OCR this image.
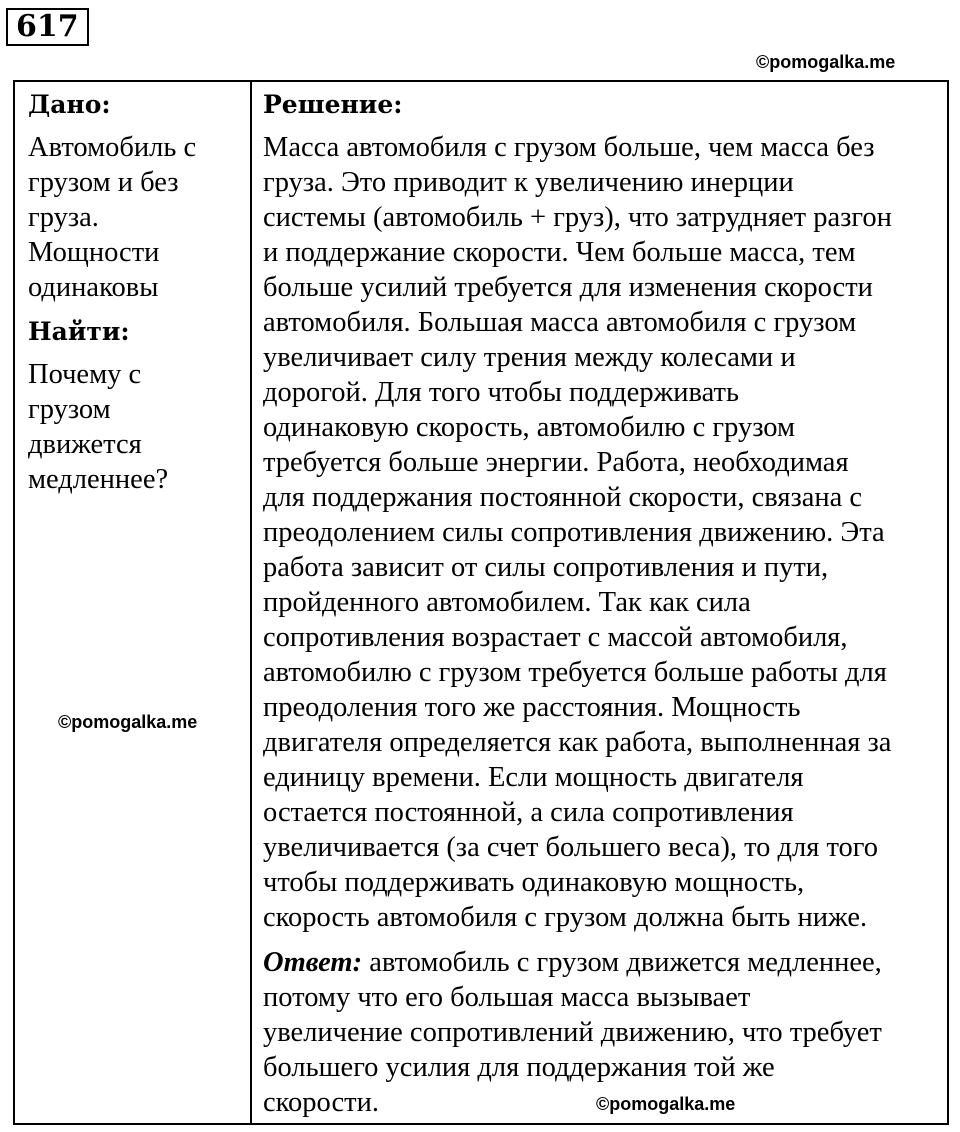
617
©pomogalka.me
Дано:
Автомобиль с
грузом и без
груза.
Мощности
одинаковы
Найти:
Почему с
грузом
движется
медленнее?
Решение:
Масса автомобиля с грузом больше, чем масса без
груза. Это приводит к увеличению инерции
системы (автомобиль + груз), что затрудняет разгон
и поддержание скорости. Чем больше масса, тем
больше усилий требуется для изменения скорости
автомобиля. Большая масса автомобиля с грузом
увеличивает силу трения между колесами и
дорогой. Для того чтобы поддерживать
одинаковую скорость, автомобилю с грузом
требуется больше энергии. Работа, необходимая
для поддержания постоянной скорости, связана с
преодолением силы сопротивления движению. Эта
работа зависит от силы сопротивления и пути,
пройденного автомобилем. Так как сила
сопротивления возрастает с массой автомобиля,
автомобилю с грузом требуется больше работы для
преодоления того же расстояния. Мощность
двигателя определяется как работа, выполненная за
единицу времени. Если мощность двигателя
остается постоянной, а сила сопротивления
увеличивается (за счет большего веса), то для того
чтобы поддерживать одинаковую мощность,
скорость автомобиля с грузом должна быть ниже.
Ответ: автомобиль с грузом движется медленнее,
потому что его большая масса вызывает
увеличение сопротивлений движению, что требует
большего усилия для поддержания той же
скорости.
©pomogalka.me
©pomogalka.me
